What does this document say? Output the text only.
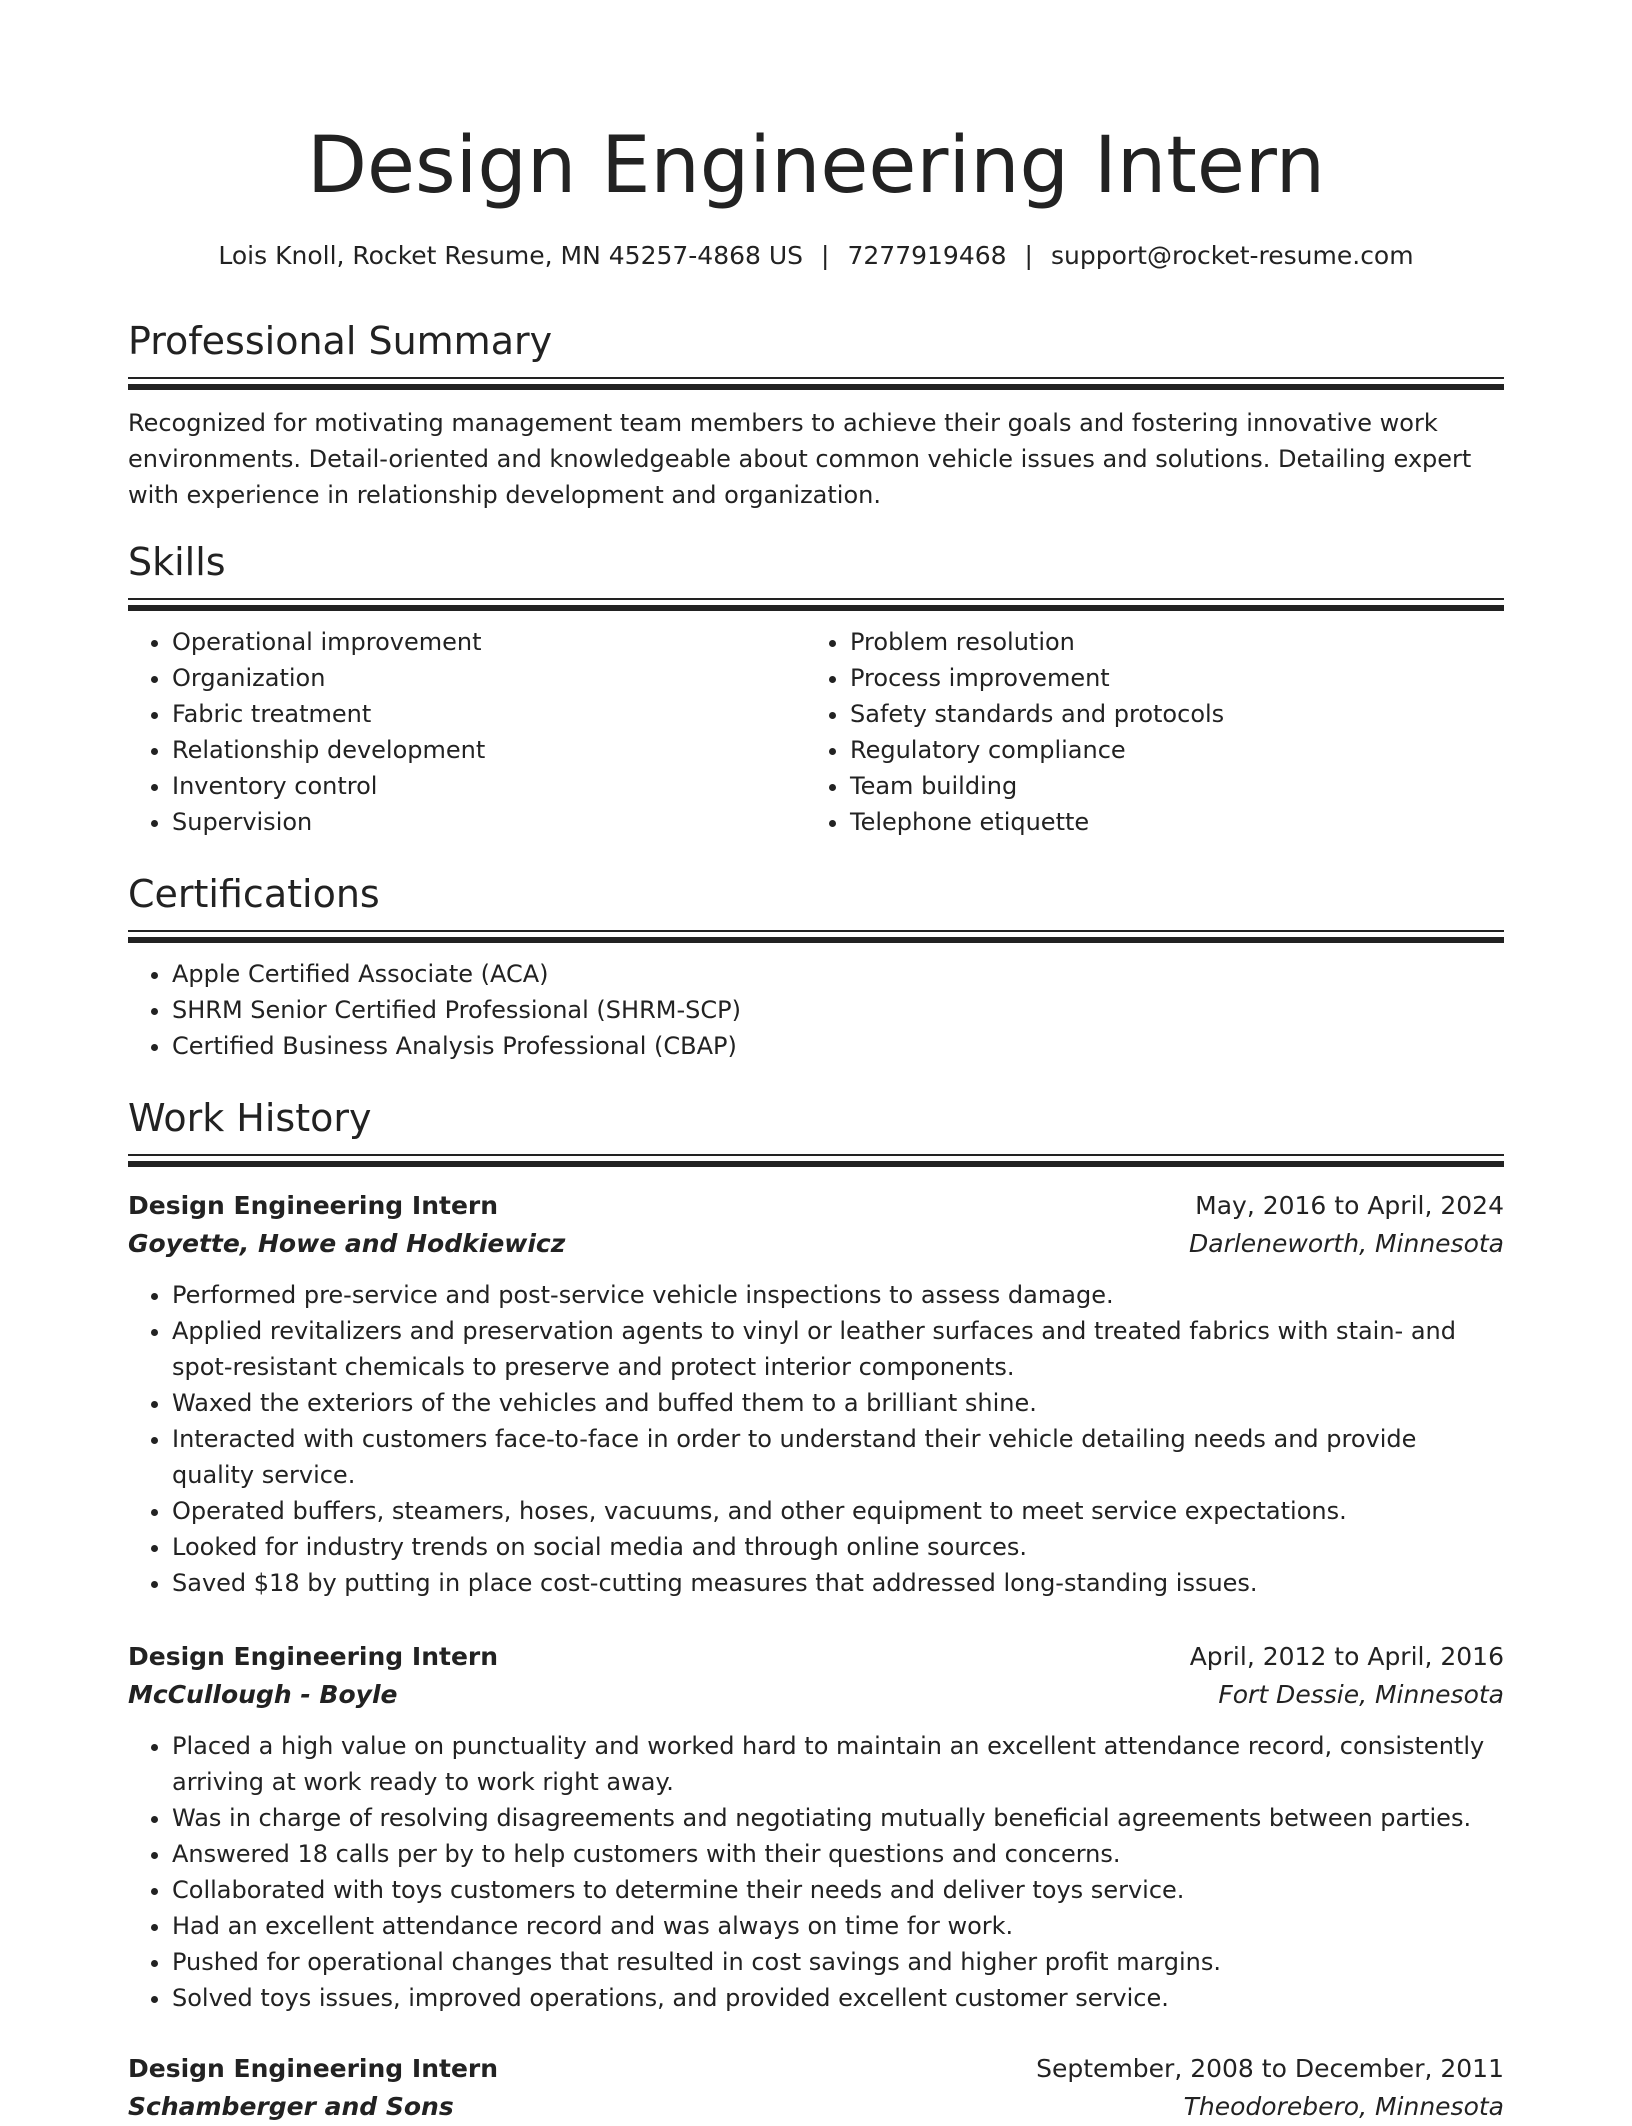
Design Engineering Intern
Lois Knoll, Rocket Resume, MN 45257-4868 US | 7277919468 | support@rocket-resume.com
Professional Summary

Recognized for motivating management team members to achieve their goals and fostering innovative work environments. Detail-oriented and knowledgeable about common vehicle issues and solutions. Detailing expert with experience in relationship development and organization.

Skills
• Operational improvement
• Organization
• Fabric treatment
• Relationship development
• Inventory control
• Supervision
• Problem resolution
• Process improvement
• Safety standards and protocols
• Regulatory compliance
• Team building
• Telephone etiquette
Certifications
• Apple Certified Associate (ACA)
• SHRM Senior Certified Professional (SHRM-SCP)
• Certified Business Analysis Professional (CBAP)
Work History
Design Engineering Intern	May, 2016 to April, 2024
Goyette, Howe and Hodkiewicz	Darleneworth, Minnesota
• Performed pre-service and post-service vehicle inspections to assess damage.
• Applied revitalizers and preservation agents to vinyl or leather surfaces and treated fabrics with stain- and spot-resistant chemicals to preserve and protect interior components.
• Waxed the exteriors of the vehicles and buffed them to a brilliant shine.
• Interacted with customers face-to-face in order to understand their vehicle detailing needs and provide quality service.
• Operated buffers, steamers, hoses, vacuums, and other equipment to meet service expectations.
• Looked for industry trends on social media and through online sources.
• Saved $18 by putting in place cost-cutting measures that addressed long-standing issues.
Design Engineering Intern	April, 2012 to April, 2016
McCullough - Boyle	Fort Dessie, Minnesota
• Placed a high value on punctuality and worked hard to maintain an excellent attendance record, consistently arriving at work ready to work right away.
• Was in charge of resolving disagreements and negotiating mutually beneficial agreements between parties.
• Answered 18 calls per by to help customers with their questions and concerns.
• Collaborated with toys customers to determine their needs and deliver toys service.
• Had an excellent attendance record and was always on time for work.
• Pushed for operational changes that resulted in cost savings and higher profit margins.
• Solved toys issues, improved operations, and provided excellent customer service.
Design Engineering Intern	September, 2008 to December, 2011
Schamberger and Sons	Theodorebero, Minnesota
